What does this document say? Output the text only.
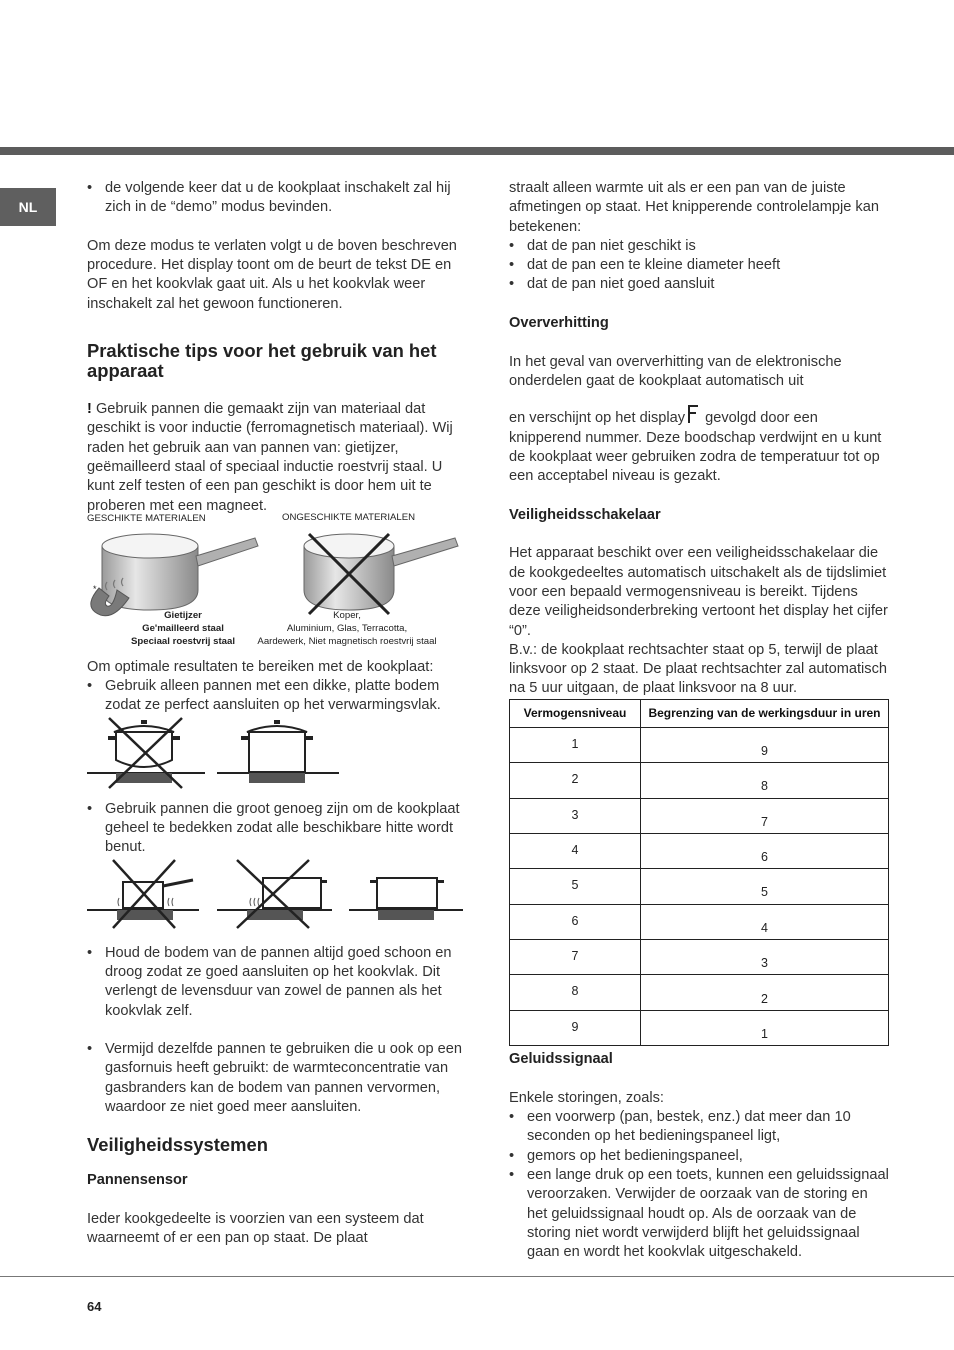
NL

• de volgende keer dat u de kookplaat inschakelt zal hij zich in de “demo” modus bevinden.

Om deze modus te verlaten volgt u de boven beschreven procedure. Het display toont om de beurt de tekst DE en OF en het kookvlak gaat uit. Als u het kookvlak weer inschakelt zal het gewoon functioneren.

Praktische tips voor het gebruik van het apparaat

! Gebruik pannen die gemaakt zijn van materiaal dat geschikt is voor inductie (ferromagnetisch materiaal). Wij raden het gebruik aan van pannen van: gietijzer, geëmailleerd staal of speciaal inductie roestvrij staal. U kunt zelf testen of een pan geschikt is door hem uit te proberen met een magneet.

GESCHIKTE MATERIALEN	ONGESCHIKTE MATERIALEN
*
Gietijzer
Ge'mailleerd staal
Speciaal roestvrij staal
Koper,
Aluminium, Glas, Terracotta,
Aardewerk, Niet magnetisch roestvrij staal

Om optimale resultaten te bereiken met de kookplaat:

• Gebruik alleen pannen met een dikke, platte bodem zodat ze perfect aansluiten op het verwarmingsvlak.

• Gebruik pannen die groot genoeg zijn om de kookplaat geheel te bedekken zodat alle beschikbare hitte wordt benut.

• Houd de bodem van de pannen altijd goed schoon en droog zodat ze goed aansluiten op het kookvlak. Dit verlengt de levensduur van zowel de pannen als het kookvlak zelf.

• Vermijd dezelfde pannen te gebruiken die u ook op een gasfornuis heeft gebruikt: de warmteconcentratie van gasbranders kan de bodem van pannen vervormen, waardoor ze niet goed meer aansluiten.

Veiligheidssystemen
Pannensensor

Ieder kookgedeelte is voorzien van een systeem dat waarneemt of er een pan op staat. De plaat

straalt alleen warmte uit als er een pan van de juiste afmetingen op staat. Het knipperende controlelampje kan betekenen:

• dat de pan niet geschikt is

• dat de pan een te kleine diameter heeft

• dat de pan niet goed aansluit

Oververhitting

In het geval van oververhitting van de elektronische onderdelen gaat de kookplaat automatisch uit

en verschijnt op het display gevolgd door een knipperend nummer. Deze boodschap verdwijnt en u kunt de kookplaat weer gebruiken zodra de temperatuur tot op een acceptabel niveau is gezakt.

Veiligheidsschakelaar

Het apparaat beschikt over een veiligheidsschakelaar die de kookgedeeltes automatisch uitschakelt als de tijdslimiet voor een bepaald vermogensniveau is bereikt. Tijdens deze veiligheidsonderbreking vertoont het display het cijfer “0”.

B.v.: de kookplaat rechtsachter staat op 5, terwijl de plaat linksvoor op 2 staat. De plaat rechtsachter zal automatisch na 5 uur uitgaan, de plaat linksvoor na 8 uur.

Vermogensniveau	Begrenzing van de werkingsduur in uren
1	9
2	8
3	7
4	6
5	5
6	4
7	3
8	2
9	1
Geluidssignaal

Enkele storingen, zoals:

• een voorwerp (pan, bestek, enz.) dat meer dan 10 seconden op het bedieningspaneel ligt,

• gemors op het bedieningspaneel,

• een lange druk op een toets, kunnen een geluidssignaal veroorzaken. Verwijder de oorzaak van de storing en het geluidssignaal houdt op. Als de oorzaak van de storing niet wordt verwijderd blijft het geluidssignaal gaan en wordt het kookvlak uitgeschakeld.

64
